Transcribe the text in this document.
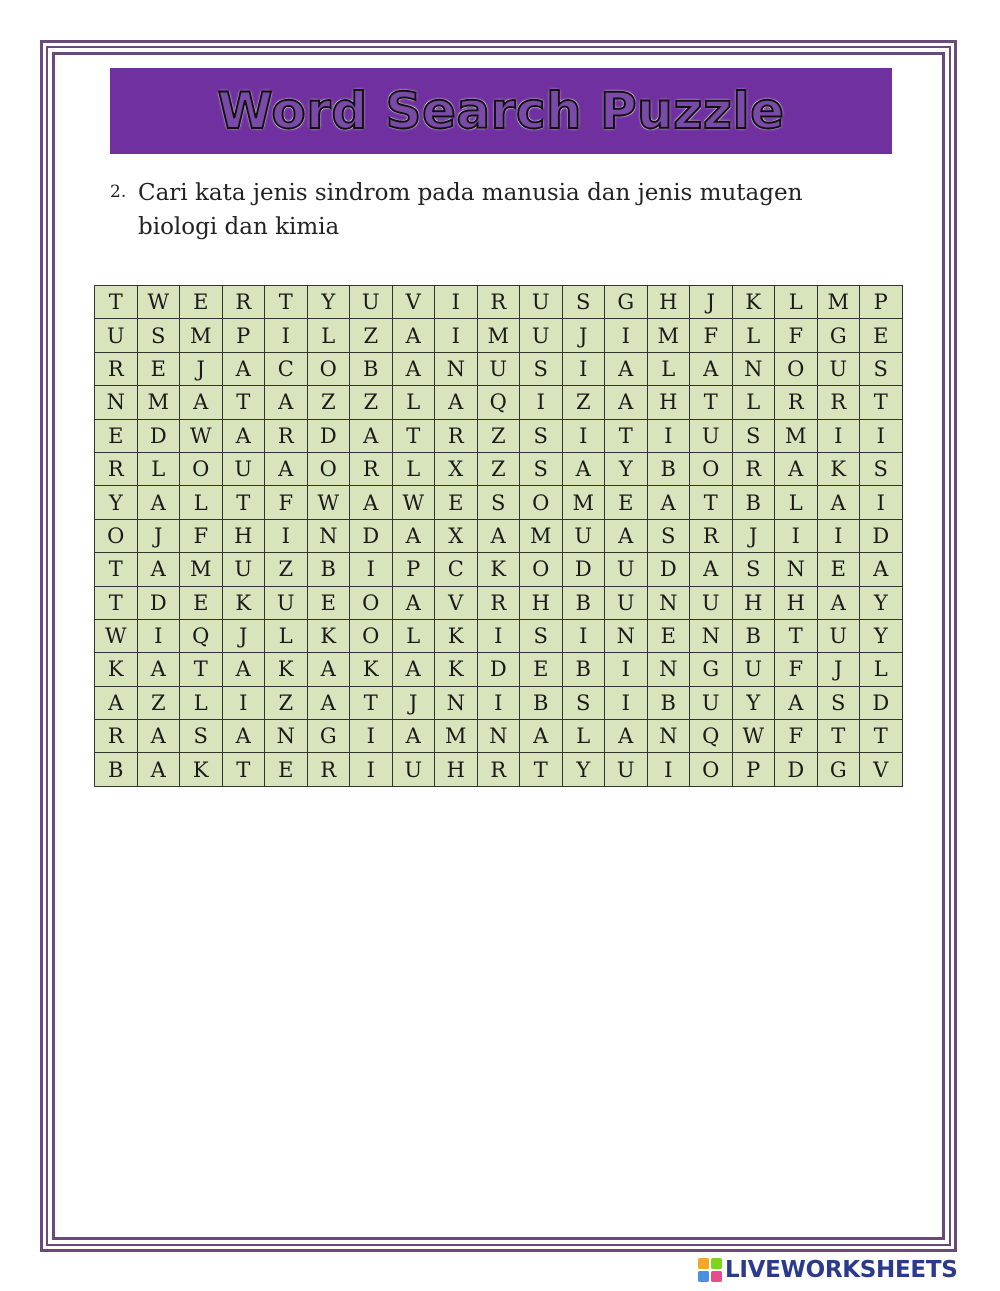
Word Search Puzzle
2. Cari kata jenis sindrom pada manusia dan jenis mutagen biologi dan kimia
T	W	E	R	T	Y	U	V	I	R	U	S	G	H	J	K	L	M	P
U	S	M	P	I	L	Z	A	I	M	U	J	I	M	F	L	F	G	E
R	E	J	A	C	O	B	A	N	U	S	I	A	L	A	N	O	U	S
N	M	A	T	A	Z	Z	L	A	Q	I	Z	A	H	T	L	R	R	T
E	D	W	A	R	D	A	T	R	Z	S	I	T	I	U	S	M	I	I
R	L	O	U	A	O	R	L	X	Z	S	A	Y	B	O	R	A	K	S
Y	A	L	T	F	W	A	W	E	S	O	M	E	A	T	B	L	A	I
O	J	F	H	I	N	D	A	X	A	M	U	A	S	R	J	I	I	D
T	A	M	U	Z	B	I	P	C	K	O	D	U	D	A	S	N	E	A
T	D	E	K	U	E	O	A	V	R	H	B	U	N	U	H	H	A	Y
W	I	Q	J	L	K	O	L	K	I	S	I	N	E	N	B	T	U	Y
K	A	T	A	K	A	K	A	K	D	E	B	I	N	G	U	F	J	L
A	Z	L	I	Z	A	T	J	N	I	B	S	I	B	U	Y	A	S	D
R	A	S	A	N	G	I	A	M	N	A	L	A	N	Q	W	F	T	T
B	A	K	T	E	R	I	U	H	R	T	Y	U	I	O	P	D	G	V
LIVEWORKSHEETS
